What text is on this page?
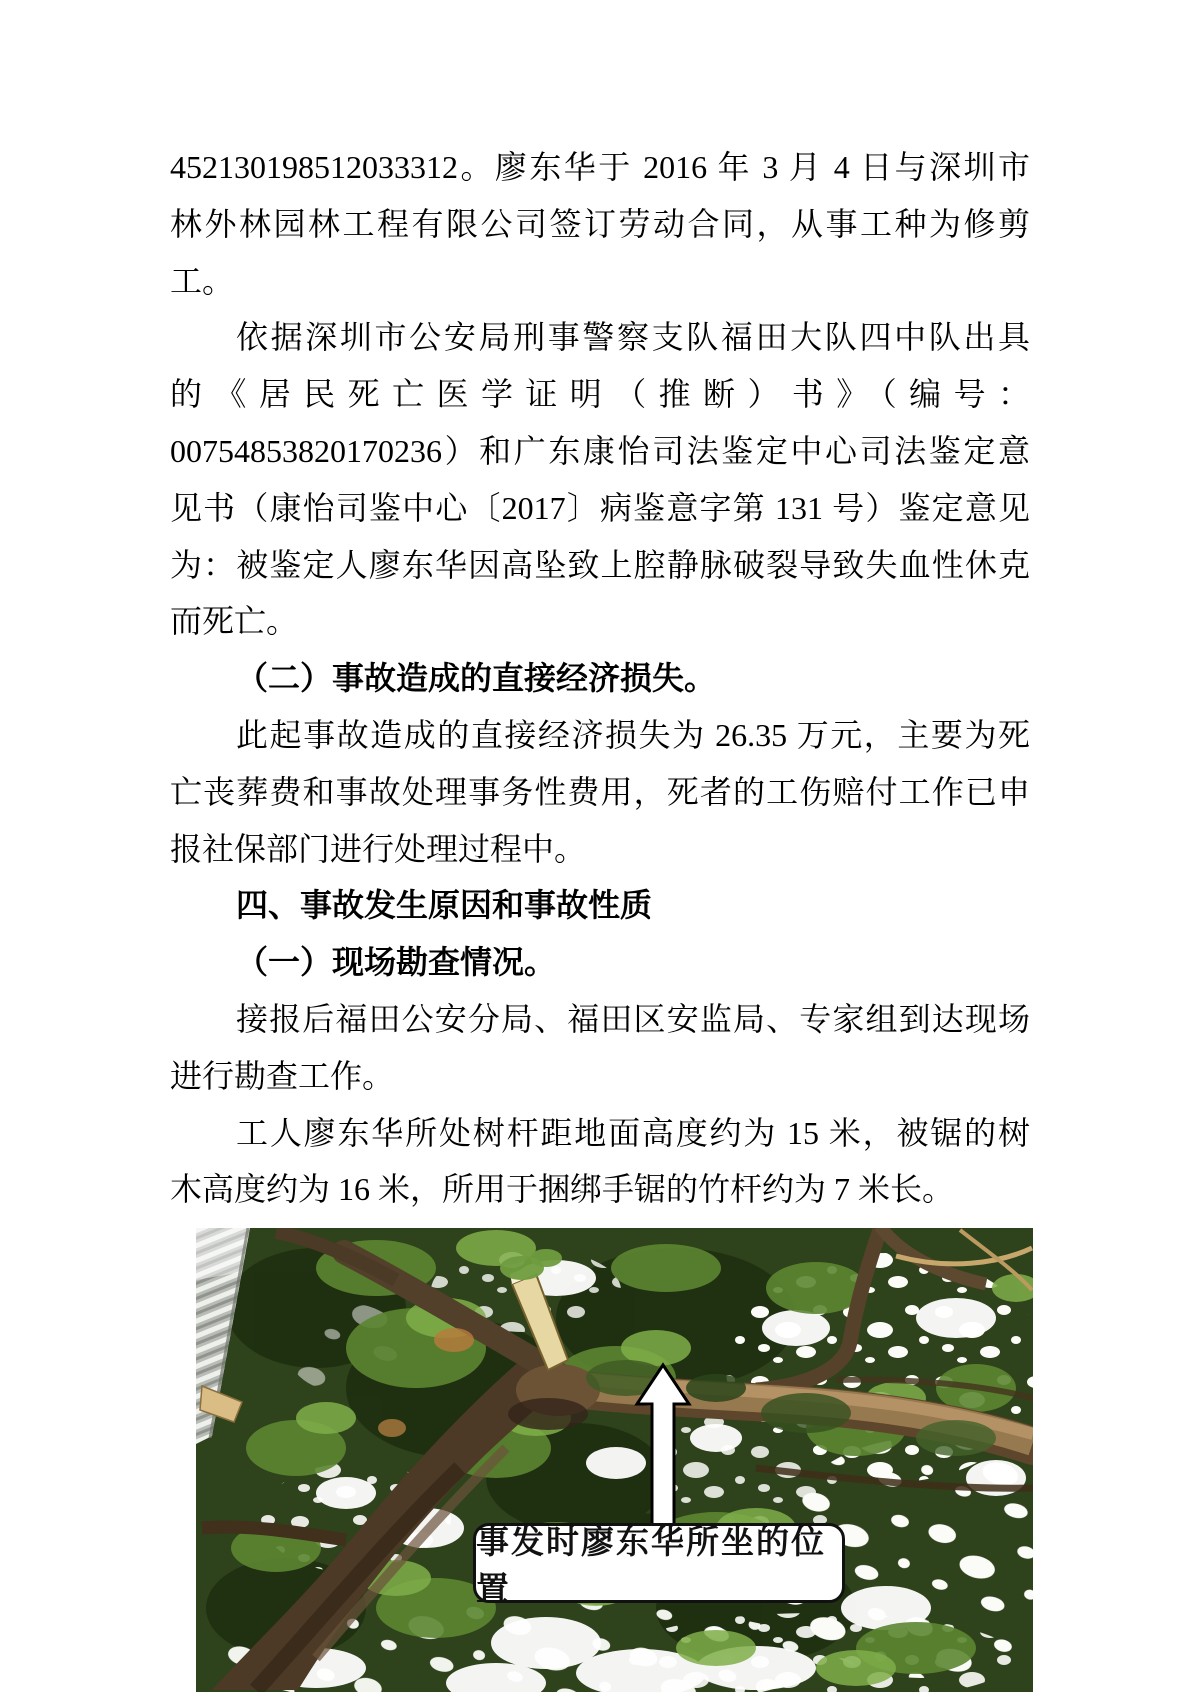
452130198512033312。廖东华于 2016 年 3 月 4 日与深圳市
林外林园林工程有限公司签订劳动合同，从事工种为修剪
工。
依据深圳市公安局刑事警察支队福田大队四中队出具
的《居民死亡医学证明（推断）书》（编号：
00754853820170236）和广东康怡司法鉴定中心司法鉴定意
见书（康怡司鉴中心〔2017〕病鉴意字第 131 号）鉴定意见
为：被鉴定人廖东华因高坠致上腔静脉破裂导致失血性休克
而死亡。
（二）事故造成的直接经济损失。
此起事故造成的直接经济损失为 26.35 万元，主要为死
亡丧葬费和事故处理事务性费用，死者的工伤赔付工作已申
报社保部门进行处理过程中。
四、事故发生原因和事故性质
（一）现场勘查情况。
接报后福田公安分局、福田区安监局、专家组到达现场
进行勘查工作。
工人廖东华所处树杆距地面高度约为 15 米，被锯的树
木高度约为 16 米，所用于捆绑手锯的竹杆约为 7 米长。
事发时廖东华所坐的位置
